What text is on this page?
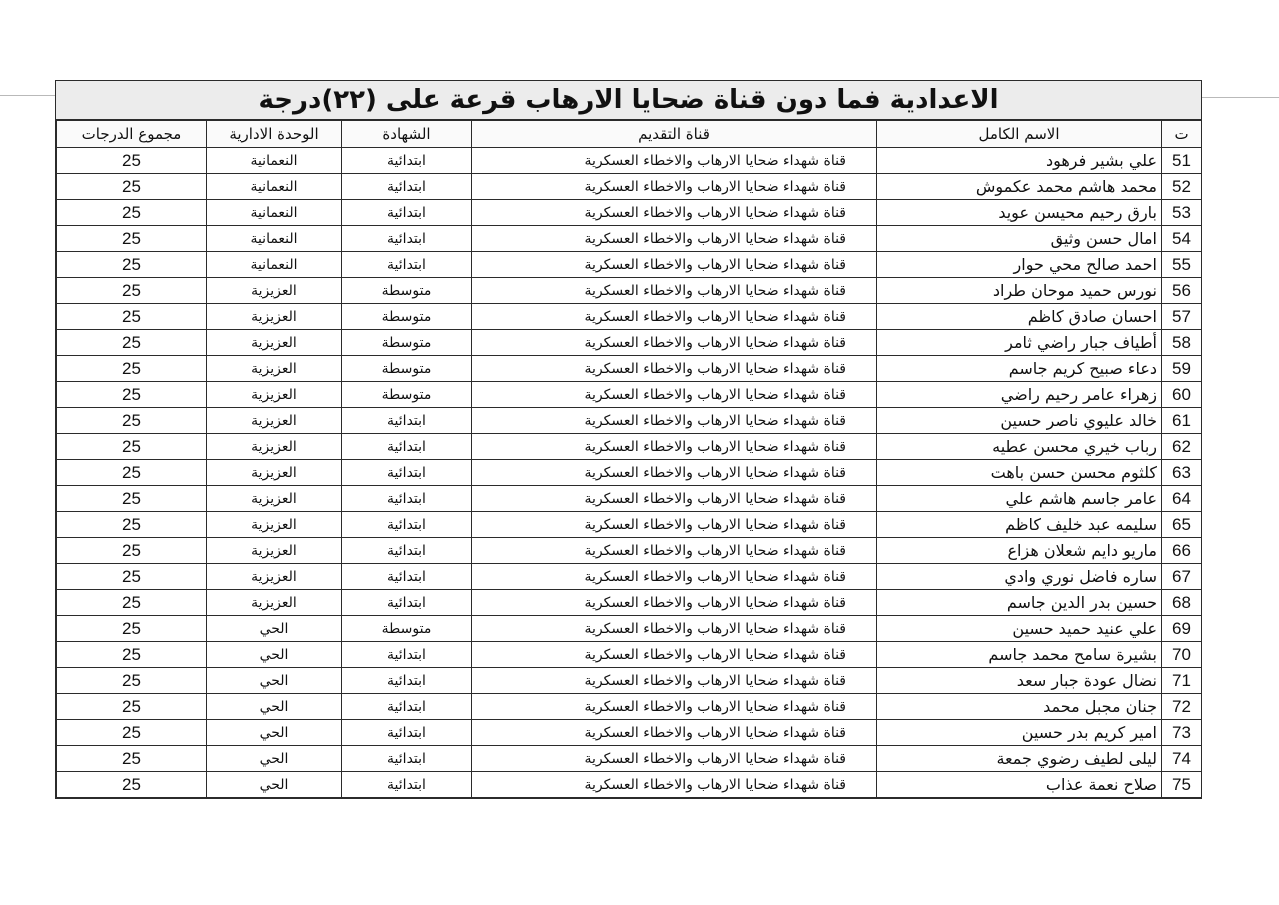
الاعدادية فما دون قناة ضحايا الارهاب قرعة على (٢٢)درجة
ت	الاسم الكامل	قناة التقديم	الشهادة	الوحدة الادارية	مجموع الدرجات
51	علي بشير فرهود	قناة شهداء ضحايا الارهاب والاخطاء العسكرية	ابتدائية	النعمانية	25
52	محمد هاشم محمد عكموش	قناة شهداء ضحايا الارهاب والاخطاء العسكرية	ابتدائية	النعمانية	25
53	بارق رحيم محيسن عويد	قناة شهداء ضحايا الارهاب والاخطاء العسكرية	ابتدائية	النعمانية	25
54	امال حسن وثيق	قناة شهداء ضحايا الارهاب والاخطاء العسكرية	ابتدائية	النعمانية	25
55	احمد صالح محي حوار	قناة شهداء ضحايا الارهاب والاخطاء العسكرية	ابتدائية	النعمانية	25
56	نورس حميد موحان طراد	قناة شهداء ضحايا الارهاب والاخطاء العسكرية	متوسطة	العزيزية	25
57	احسان صادق كاظم	قناة شهداء ضحايا الارهاب والاخطاء العسكرية	متوسطة	العزيزية	25
58	أطياف جبار راضي ثامر	قناة شهداء ضحايا الارهاب والاخطاء العسكرية	متوسطة	العزيزية	25
59	دعاء صبيح كريم جاسم	قناة شهداء ضحايا الارهاب والاخطاء العسكرية	متوسطة	العزيزية	25
60	زهراء عامر رحيم راضي	قناة شهداء ضحايا الارهاب والاخطاء العسكرية	متوسطة	العزيزية	25
61	خالد عليوي ناصر حسين	قناة شهداء ضحايا الارهاب والاخطاء العسكرية	ابتدائية	العزيزية	25
62	رباب خيري محسن عطيه	قناة شهداء ضحايا الارهاب والاخطاء العسكرية	ابتدائية	العزيزية	25
63	كلثوم محسن حسن باهت	قناة شهداء ضحايا الارهاب والاخطاء العسكرية	ابتدائية	العزيزية	25
64	عامر جاسم هاشم علي	قناة شهداء ضحايا الارهاب والاخطاء العسكرية	ابتدائية	العزيزية	25
65	سليمه عبد خليف كاظم	قناة شهداء ضحايا الارهاب والاخطاء العسكرية	ابتدائية	العزيزية	25
66	ماريو دايم شعلان هزاع	قناة شهداء ضحايا الارهاب والاخطاء العسكرية	ابتدائية	العزيزية	25
67	ساره فاضل نوري وادي	قناة شهداء ضحايا الارهاب والاخطاء العسكرية	ابتدائية	العزيزية	25
68	حسين بدر الدين جاسم	قناة شهداء ضحايا الارهاب والاخطاء العسكرية	ابتدائية	العزيزية	25
69	علي عنيد حميد حسين	قناة شهداء ضحايا الارهاب والاخطاء العسكرية	متوسطة	الحي	25
70	بشيرة سامح محمد جاسم	قناة شهداء ضحايا الارهاب والاخطاء العسكرية	ابتدائية	الحي	25
71	نضال عودة جبار سعد	قناة شهداء ضحايا الارهاب والاخطاء العسكرية	ابتدائية	الحي	25
72	جنان مجبل محمد	قناة شهداء ضحايا الارهاب والاخطاء العسكرية	ابتدائية	الحي	25
73	امير كريم بدر حسين	قناة شهداء ضحايا الارهاب والاخطاء العسكرية	ابتدائية	الحي	25
74	ليلى لطيف رضوي جمعة	قناة شهداء ضحايا الارهاب والاخطاء العسكرية	ابتدائية	الحي	25
75	صلاح نعمة عذاب	قناة شهداء ضحايا الارهاب والاخطاء العسكرية	ابتدائية	الحي	25
